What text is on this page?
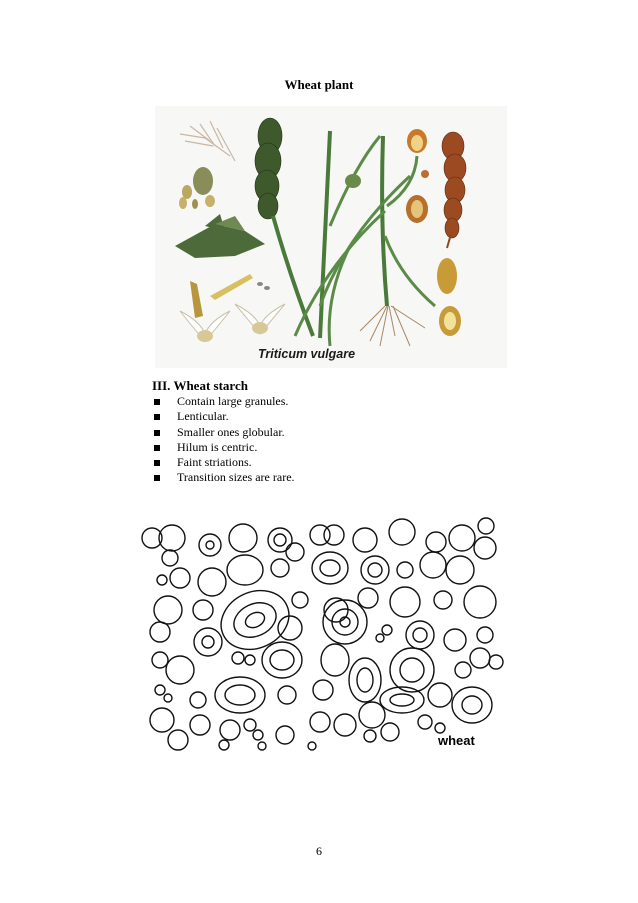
Wheat plant
Triticum vulgare
III. Wheat starch
Contain large granules.
Lenticular.
Smaller ones globular.
Hilum is centric.
Faint striations.
Transition sizes are rare.
wheat
6
